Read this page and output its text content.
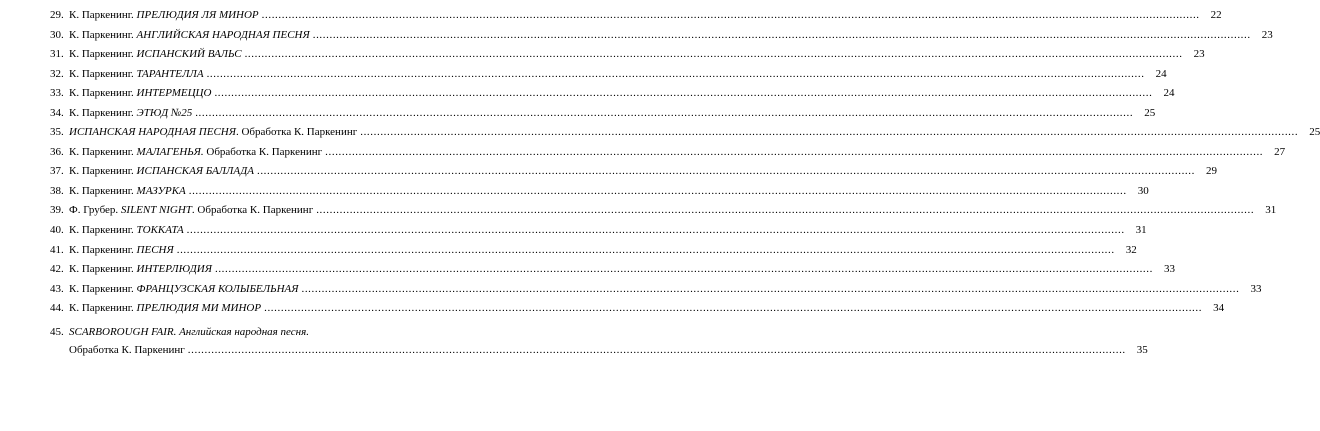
29. К. Паркенинг. ПРЕЛЮДИЯ ЛЯ МИНОР .....	22
30. К. Паркенинг. АНГЛИЙСКАЯ НАРОДНАЯ ПЕСНЯ .....	23
31. К. Паркенинг. ИСПАНСКИЙ ВАЛЬС .....	23
32. К. Паркенинг. ТАРАНТЕЛЛА .....	24
33. К. Паркенинг. ИНТЕРМЕЦЦО .....	24
34. К. Паркенинг. ЭТЮД №25 .....	25
35. ИСПАНСКАЯ НАРОДНАЯ ПЕСНЯ. Обработка К. Паркенинг .....	25
36. К. Паркенинг. МАЛАГЕНЬЯ. Обработка К. Паркенинг .....	27
37. К. Паркенинг. ИСПАНСКАЯ БАЛЛАДА .....	29
38. К. Паркенинг. МАЗУРКА .....	30
39. Ф. Грубер. SILENT NIGHT. Обработка К. Паркенинг .....	31
40. К. Паркенинг. ТОККАТА .....	31
41. К. Паркенинг. ПЕСНЯ .....	32
42. К. Паркенинг. ИНТЕРЛЮДИЯ .....	33
43. К. Паркенинг. ФРАНЦУЗСКАЯ КОЛЫБЕЛЬНАЯ .....	33
44. К. Паркенинг. ПРЕЛЮДИЯ МИ МИНОР .....	34
45. SCARBOROUGH FAIR. Английская народная песня.
Обработка К. Паркенинг .....	35
